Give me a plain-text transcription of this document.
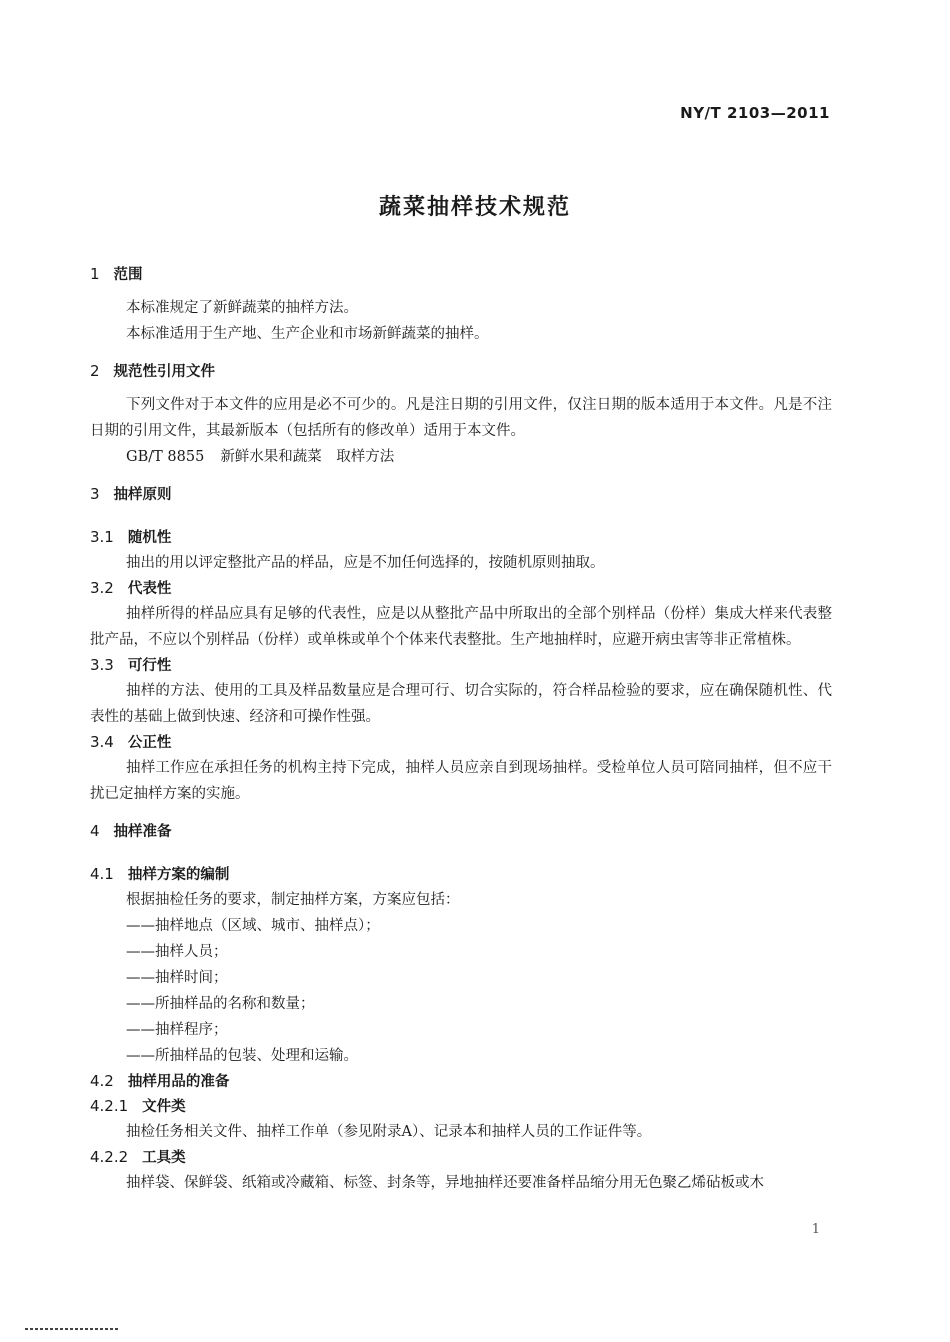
NY/T 2103—2011
蔬菜抽样技术规范
1 范围

本标准规定了新鲜蔬菜的抽样方法。

本标准适用于生产地、生产企业和市场新鲜蔬菜的抽样。

2 规范性引用文件

下列文件对于本文件的应用是必不可少的。凡是注日期的引用文件，仅注日期的版本适用于本文件。凡是不注日期的引用文件，其最新版本（包括所有的修改单）适用于本文件。

GB/T 8855 新鲜水果和蔬菜　取样方法

3 抽样原则
3.1 随机性

抽出的用以评定整批产品的样品，应是不加任何选择的，按随机原则抽取。

3.2 代表性

抽样所得的样品应具有足够的代表性，应是以从整批产品中所取出的全部个别样品（份样）集成大样来代表整批产品，不应以个别样品（份样）或单株或单个个体来代表整批。生产地抽样时，应避开病虫害等非正常植株。

3.3 可行性

抽样的方法、使用的工具及样品数量应是合理可行、切合实际的，符合样品检验的要求，应在确保随机性、代表性的基础上做到快速、经济和可操作性强。

3.4 公正性

抽样工作应在承担任务的机构主持下完成，抽样人员应亲自到现场抽样。受检单位人员可陪同抽样，但不应干扰已定抽样方案的实施。

4 抽样准备
4.1 抽样方案的编制

根据抽检任务的要求，制定抽样方案，方案应包括：

——抽样地点（区域、城市、抽样点）；

——抽样人员；

——抽样时间；

——所抽样品的名称和数量；

——抽样程序；

——所抽样品的包装、处理和运输。

4.2 抽样用品的准备
4.2.1 文件类

抽检任务相关文件、抽样工作单（参见附录A）、记录本和抽样人员的工作证件等。

4.2.2 工具类

抽样袋、保鲜袋、纸箱或冷藏箱、标签、封条等，异地抽样还要准备样品缩分用无色聚乙烯砧板或木

1
